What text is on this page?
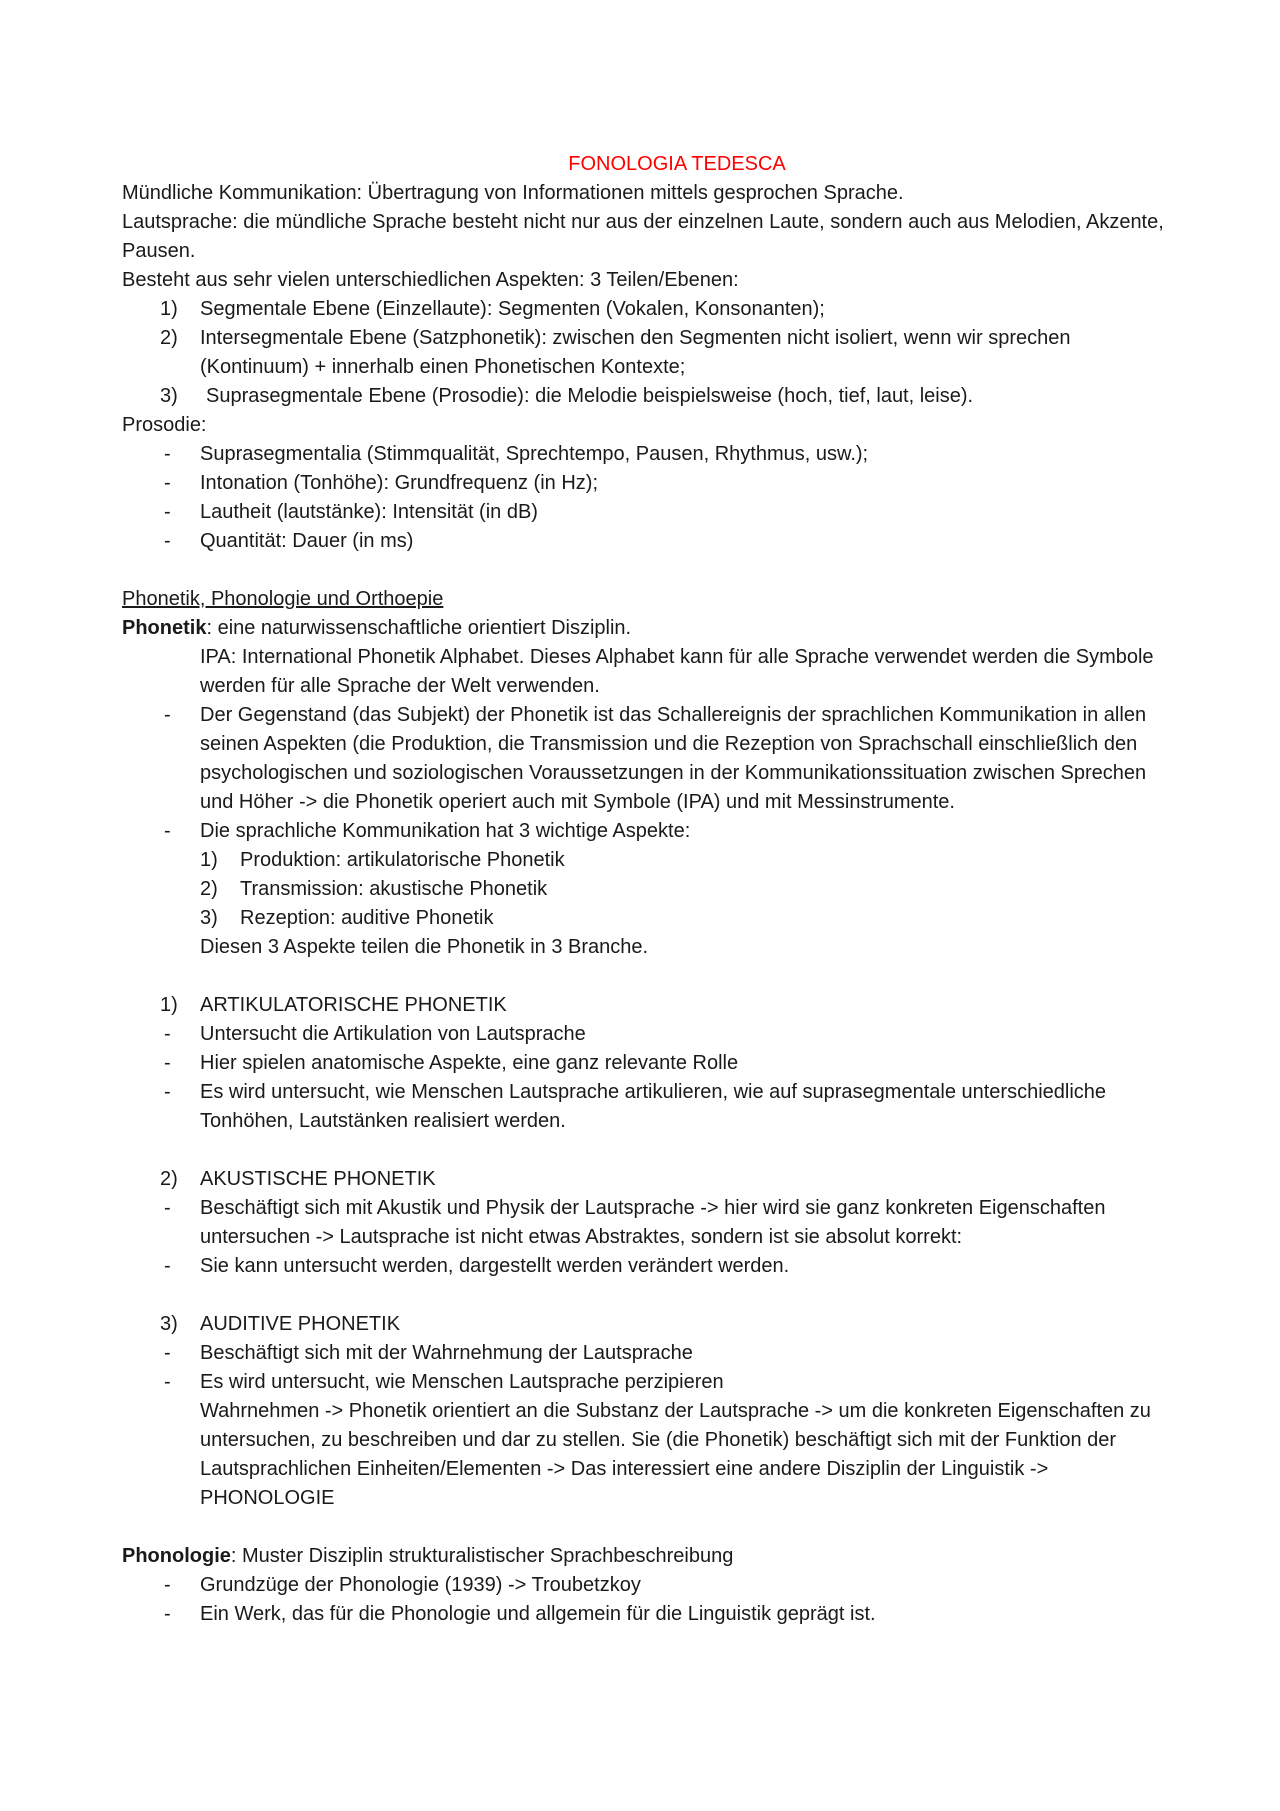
FONOLOGIA TEDESCA
Mündliche Kommunikation: Übertragung von Informationen mittels gesprochen Sprache.
Lautsprache: die mündliche Sprache besteht nicht nur aus der einzelnen Laute, sondern auch aus Melodien, Akzente, Pausen.
Besteht aus sehr vielen unterschiedlichen Aspekten: 3 Teilen/Ebenen:
1) Segmentale Ebene (Einzellaute): Segmenten (Vokalen, Konsonanten);
2) Intersegmentale Ebene (Satzphonetik): zwischen den Segmenten nicht isoliert, wenn wir sprechen (Kontinuum) + innerhalb einen Phonetischen Kontexte;
3) Suprasegmentale Ebene (Prosodie): die Melodie beispielsweise (hoch, tief, laut, leise).
Prosodie:
- Suprasegmentalia (Stimmqualität, Sprechtempo, Pausen, Rhythmus, usw.);
- Intonation (Tonhöhe): Grundfrequenz (in Hz);
- Lautheit (lautstänke): Intensität (in dB)
- Quantität: Dauer (in ms)
Phonetik, Phonologie und Orthoepie
Phonetik: eine naturwissenschaftliche orientiert Disziplin.
IPA: International Phonetik Alphabet. Dieses Alphabet kann für alle Sprache verwendet werden die Symbole werden für alle Sprache der Welt verwenden.
- Der Gegenstand (das Subjekt) der Phonetik ist das Schallereignis der sprachlichen Kommunikation in allen seinen Aspekten (die Produktion, die Transmission und die Rezeption von Sprachschall einschließlich den psychologischen und soziologischen Voraussetzungen in der Kommunikationssituation zwischen Sprechen und Höher -> die Phonetik operiert auch mit Symbole (IPA) und mit Messinstrumente.
- Die sprachliche Kommunikation hat 3 wichtige Aspekte:
1) Produktion: artikulatorische Phonetik
2) Transmission: akustische Phonetik
3) Rezeption: auditive Phonetik
Diesen 3 Aspekte teilen die Phonetik in 3 Branche.
1) ARTIKULATORISCHE PHONETIK
- Untersucht die Artikulation von Lautsprache
- Hier spielen anatomische Aspekte, eine ganz relevante Rolle
- Es wird untersucht, wie Menschen Lautsprache artikulieren, wie auf suprasegmentale unterschiedliche Tonhöhen, Lautstänken realisiert werden.
2) AKUSTISCHE PHONETIK
- Beschäftigt sich mit Akustik und Physik der Lautsprache -> hier wird sie ganz konkreten Eigenschaften untersuchen -> Lautsprache ist nicht etwas Abstraktes, sondern ist sie absolut korrekt:
- Sie kann untersucht werden, dargestellt werden verändert werden.
3) AUDITIVE PHONETIK
- Beschäftigt sich mit der Wahrnehmung der Lautsprache
- Es wird untersucht, wie Menschen Lautsprache perzipieren
Wahrnehmen -> Phonetik orientiert an die Substanz der Lautsprache -> um die konkreten Eigenschaften zu untersuchen, zu beschreiben und dar zu stellen. Sie (die Phonetik) beschäftigt sich mit der Funktion der Lautsprachlichen Einheiten/Elementen -> Das interessiert eine andere Disziplin der Linguistik -> PHONOLOGIE
Phonologie: Muster Disziplin strukturalistischer Sprachbeschreibung
- Grundzüge der Phonologie (1939) -> Troubetzkoy
- Ein Werk, das für die Phonologie und allgemein für die Linguistik geprägt ist.
